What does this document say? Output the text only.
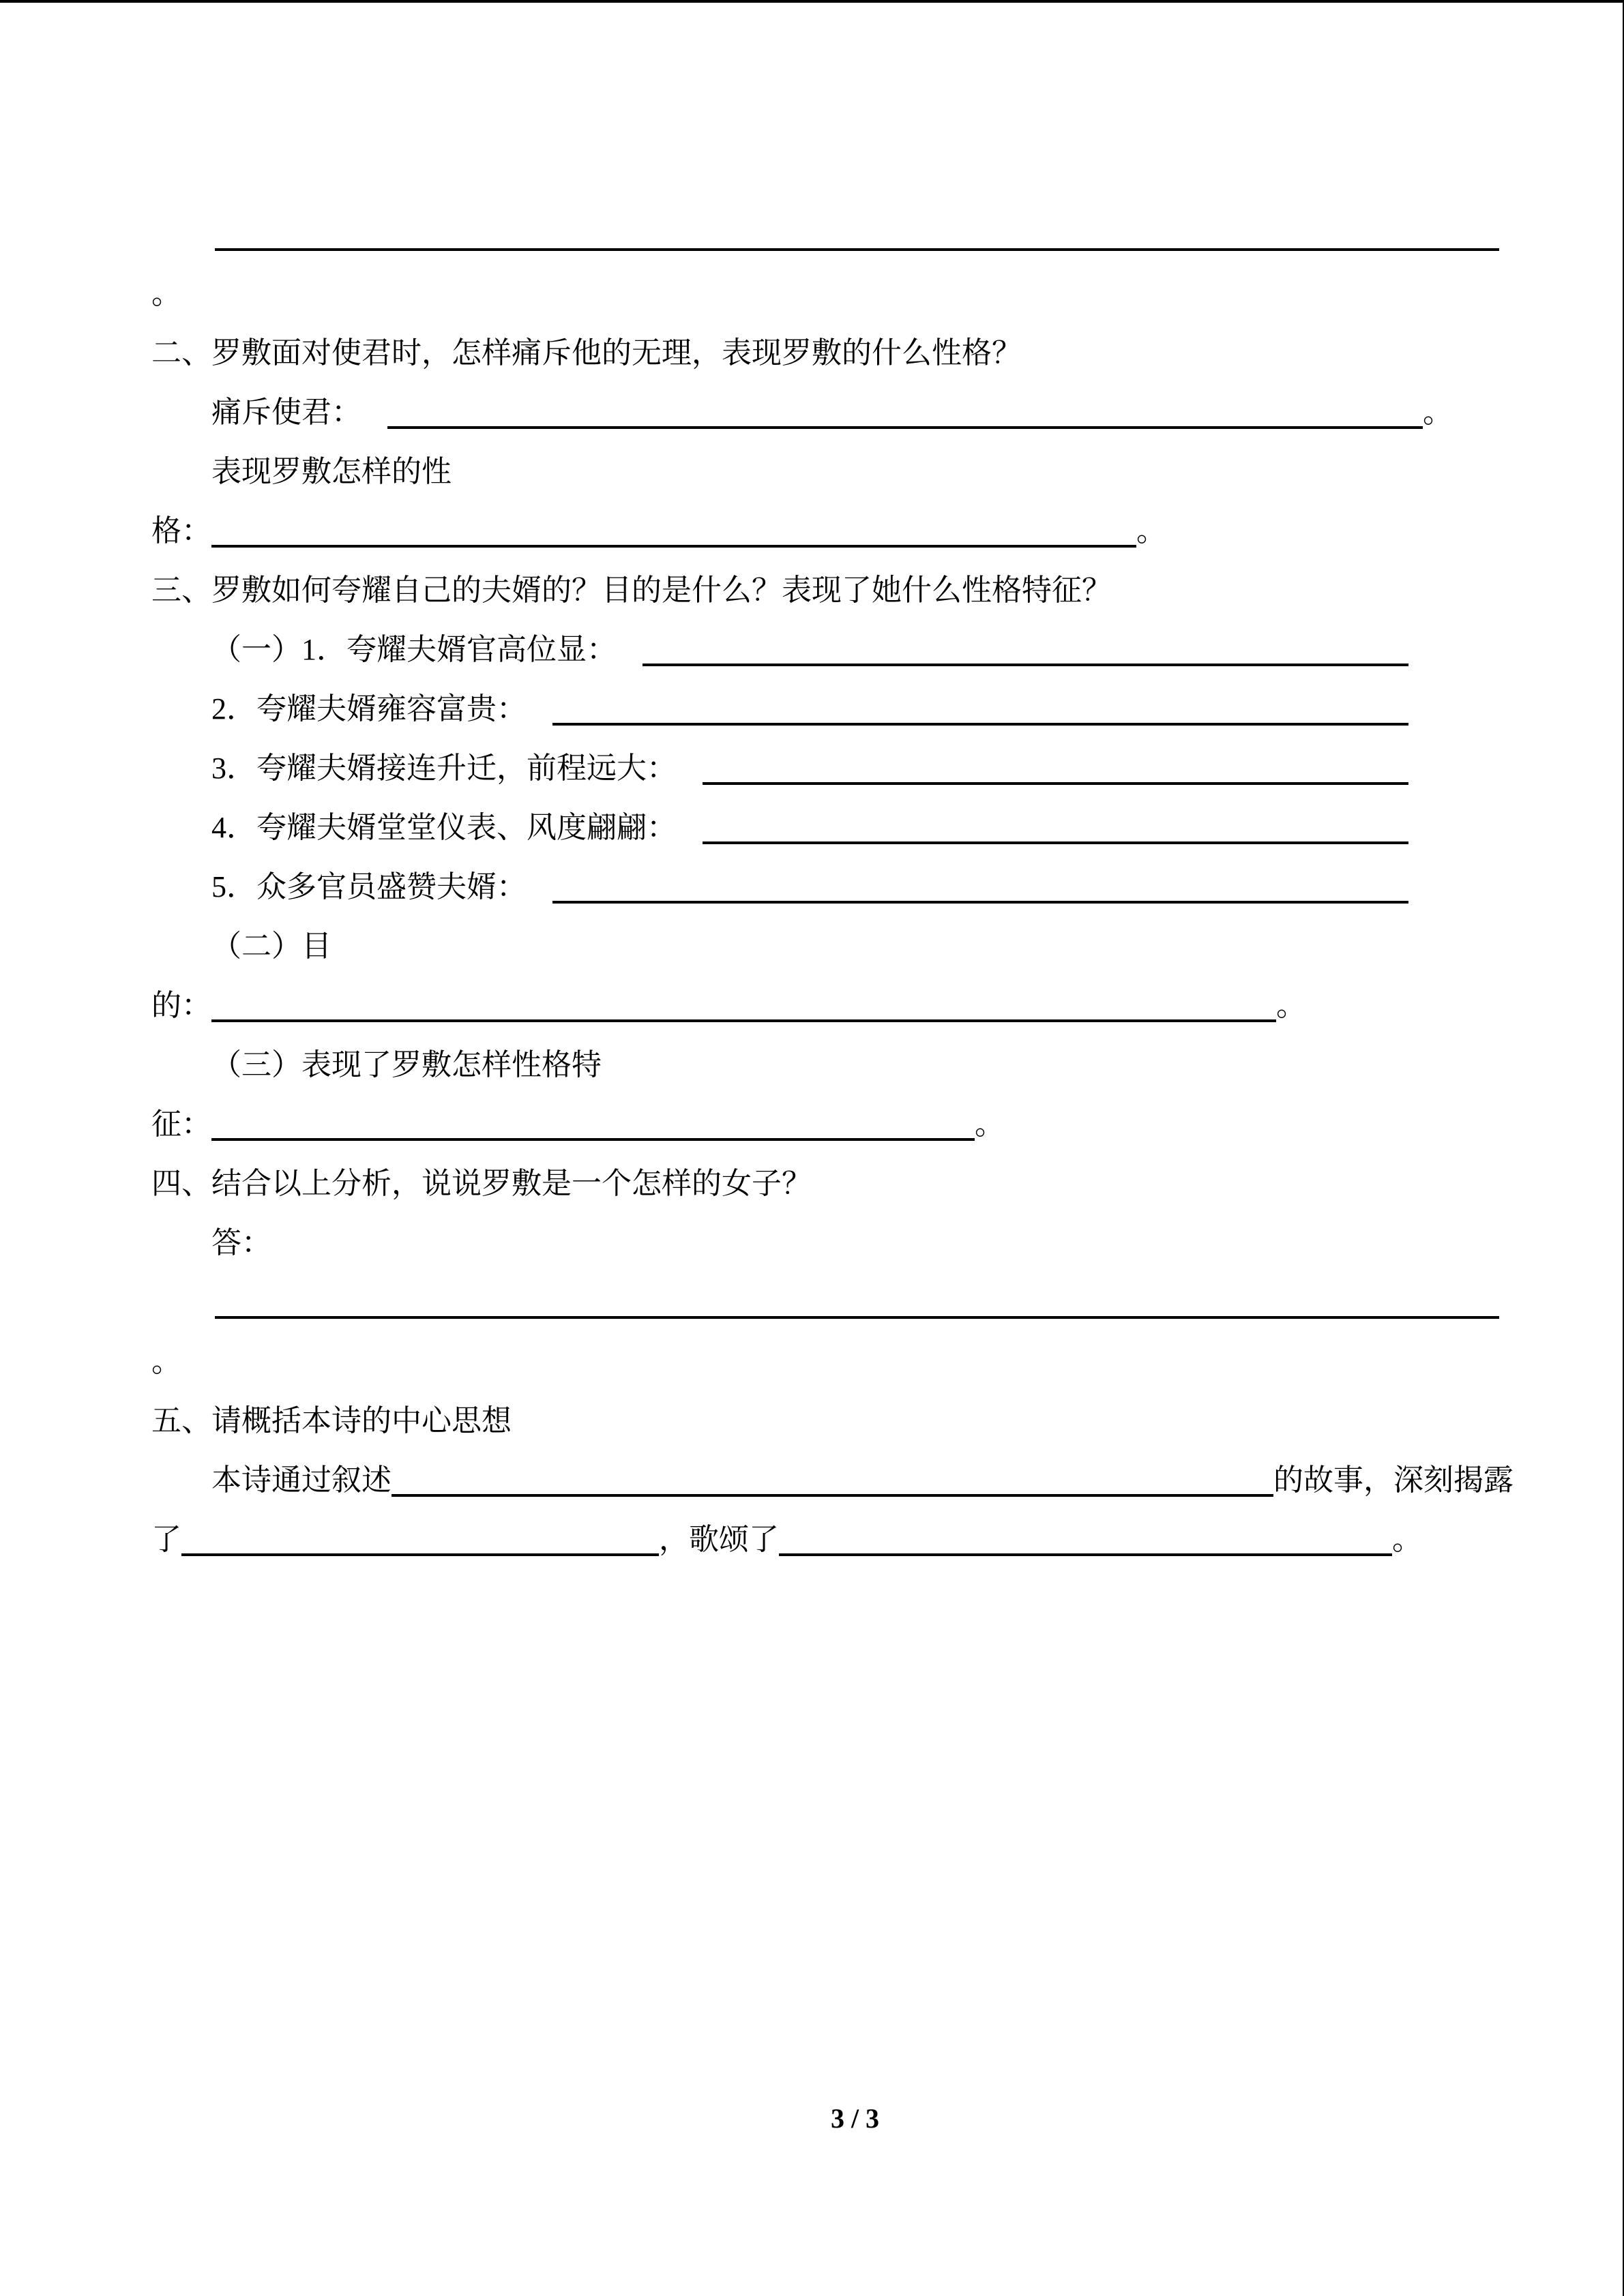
。
二、罗敷面对使君时，怎样痛斥他的无理，表现罗敷的什么性格？
痛斥使君：	。
表现罗敷怎样的性
格：	。
三、罗敷如何夸耀自己的夫婿的？目的是什么？表现了她什么性格特征？
（一）1．夸耀夫婿官高位显：
2．夸耀夫婿雍容富贵：
3．夸耀夫婿接连升迁，前程远大：
4．夸耀夫婿堂堂仪表、风度翩翩：
5．众多官员盛赞夫婿：
（二）目
的：	。
（三）表现了罗敷怎样性格特
征：	。
四、结合以上分析，说说罗敷是一个怎样的女子？
答：
。
五、请概括本诗的中心思想
本诗通过叙述	的故事，深刻揭露
了	，歌颂了	。
3 / 3
